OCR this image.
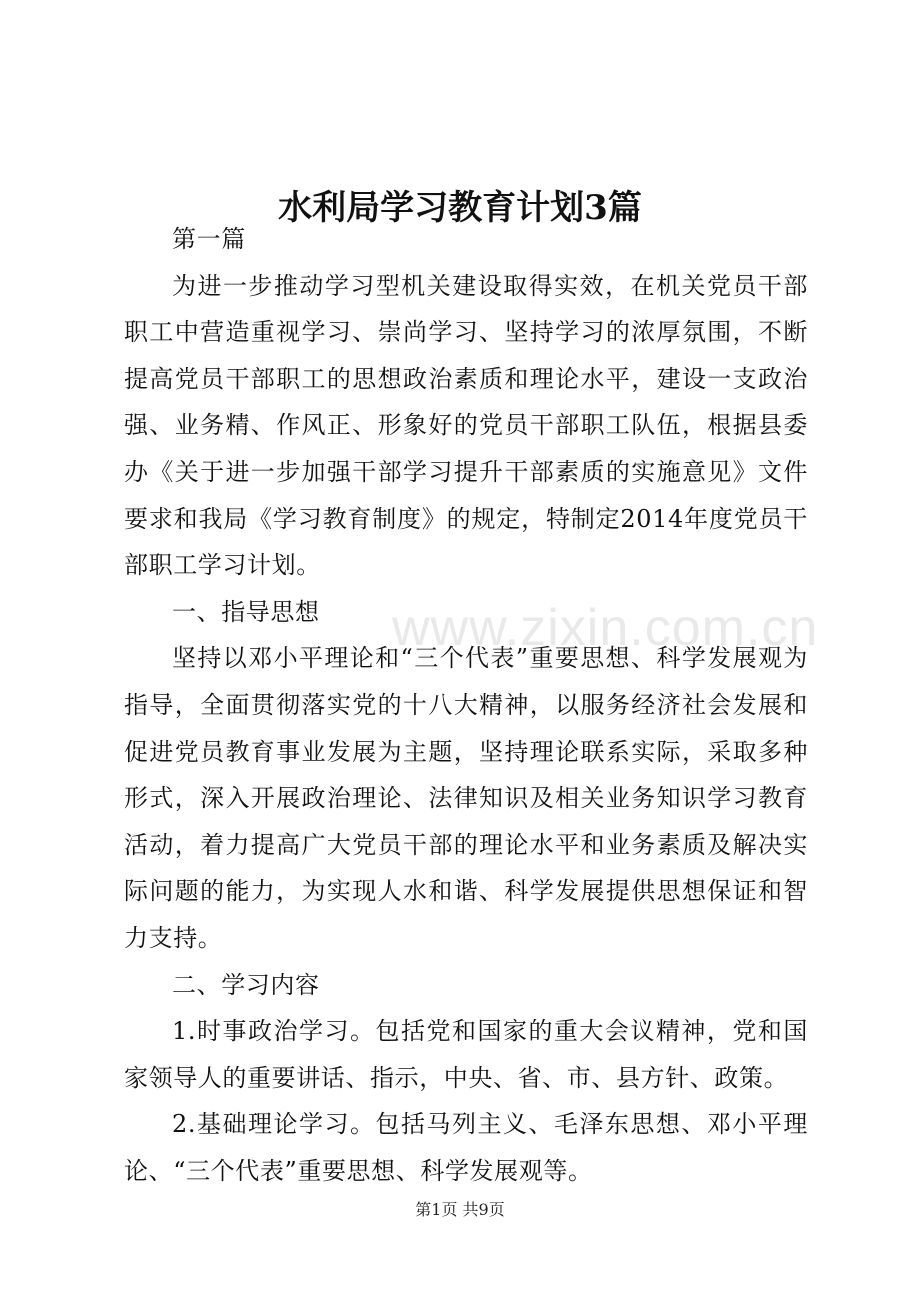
www.zixin.com.cn
水利局学习教育计划3篇

第一篇

为进一步推动学习型机关建设取得实效，在机关党员干部职工中营造重视学习、崇尚学习、坚持学习的浓厚氛围，不断提高党员干部职工的思想政治素质和理论水平，建设一支政治强、业务精、作风正、形象好的党员干部职工队伍，根据县委办《关于进一步加强干部学习提升干部素质的实施意见》文件要求和我局《学习教育制度》的规定，特制定2014年度党员干部职工学习计划。

一、指导思想

坚持以邓小平理论和“三个代表”重要思想、科学发展观为指导，全面贯彻落实党的十八大精神，以服务经济社会发展和促进党员教育事业发展为主题，坚持理论联系实际，采取多种形式，深入开展政治理论、法律知识及相关业务知识学习教育活动，着力提高广大党员干部的理论水平和业务素质及解决实际问题的能力，为实现人水和谐、科学发展提供思想保证和智力支持。

二、学习内容

1.时事政治学习。包括党和国家的重大会议精神，党和国家领导人的重要讲话、指示，中央、省、市、县方针、政策。

2.基础理论学习。包括马列主义、毛泽东思想、邓小平理论、“三个代表”重要思想、科学发展观等。

第1页 共9页
